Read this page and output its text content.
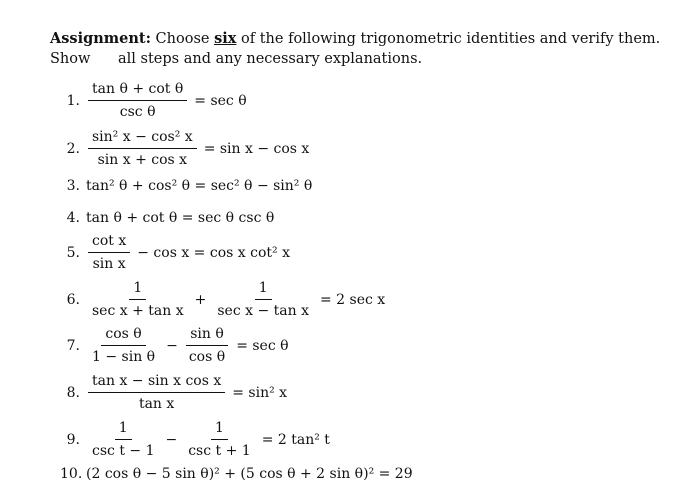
Assignment: Choose six of the following trigonometric identities and verify them. Show all steps and any necessary explanations.
1. $\frac{\text{tan θ + cot θ}}{\text{csc θ}} = \sec \theta$
2. $\frac{\text{sin² x − cos² x}}{\text{sin x + cos x}} = \sin x - \cos x$
3. tan² θ + cos² θ = sec² θ − sin² θ
4. tan θ + cot θ = sec θ csc θ
5. $\frac{\text{cot x}}{\text{sin x}} - \cos x = \cos x$ cot² x
6. $\frac{1}{\text{sec x + tan x}} + \frac{1}{\text{sec x − tan x}} = 2$ sec x
7. $\frac{\text{cos θ}}{\text{1 − sin θ}} - \frac{\text{sin θ}}{\text{cos θ}} = \sec \theta$
8. $\frac{\text{tan x − sin x cos x}}{\text{tan x}} = \sin^2$ x
9. $\frac{1}{\text{csc t − 1}} - \frac{1}{\text{csc t + 1}} = 2$ tan² t
10. (2 cos θ − 5 sin θ)² + (5 cos θ + 2 sin θ)² = 29
